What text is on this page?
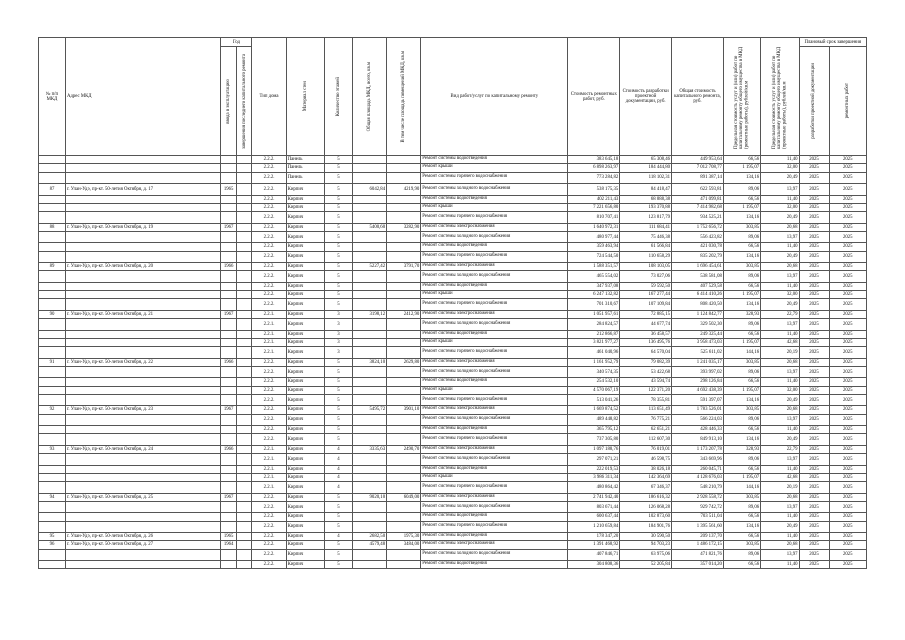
№ п/п МКД	Адрес МКД	Год		Тип дома	Материал стен	Количество этажей	Общая площадь МКД, всего, кв.м	В том числе площадь помещений МКД, кв.м	Вид работ/услуг по капитальному ремонту	Стоимость ремонтных работ, руб.	Стоимость разработки проектной документации, руб.	Общая стоимость капитального ремонта, руб.	Предельная стоимость услуг и (или) работ по капитальному ремонту общего имущества в МКД (ремонтные работы), рублей/кв.м	Предельная стоимость услуг и (или) работ по капитальному ремонту общего имущества в МКД (проектные работы), рублей/кв.м	Плановый срок завершения	

		ввода в эксплуатацию	завершения последнего капитального ремонта												разработки проектной документации	ремонтных работ

				2.2.2.	Панель	5			Ремонт системы водоотведения	383 645,18	65 308,46	449 953,64	66,56	11,40	2025	2025
				2.2.2.	Панель	5			Ремонт крыши	6 898 263,97	184 444,80	7 012 708,77	1 195,07	32,00	2025	2025
				2.2.2.	Панель	5			Ремонт системы горячего водоснабжения	773 284,82	118 102,31	891 387,14	134,16	20,49	2025	2025
87	г. Улан-Удэ, пр-кт. 50-летия Октября, д. 17	1965		2.2.2.	Кирпич	5	6042,84	4219,90	Ремонт системы холодного водоснабжения	538 175,35	84 418,47	622 593,81	89,06	13,97	2025	2025
				2.2.2.	Кирпич	5			Ремонт системы водоотведения	402 211,43	68 888,38	471 099,81	66,56	11,40	2025	2025
				2.2.2.	Кирпич	5			Ремонт крыши	7 221 656,80	193 370,88	7 414 982,68	1 195,07	32,00	2025	2025
				2.2.2.	Кирпич	5			Ремонт системы горячего водоснабжения	810 707,41	123 817,79	934 525,21	134,16	20,49	2025	2025
88	г. Улан-Удэ, пр-кт. 50-летия Октября, д. 19	1967		2.2.2.	Кирпич	5	5400,60	3282,90	Ремонт системы электроснабжения	1 640 972,31	111 684,41	1 752 656,72	303,85	20,68	2025	2025
				2.2.2.	Кирпич	5			Ремонт системы холодного водоснабжения	480 977,44	75 446,38	556 423,82	89,06	13,97	2025	2025
				2.2.2.	Кирпич	5			Ремонт системы водоотведения	359 463,94	61 566,84	421 030,78	66,56	11,40	2025	2025
				2.2.2.	Кирпич	5			Ремонт системы горячего водоснабжения	724 544,50	110 658,29	835 202,79	134,16	20,49	2025	2025
89	г. Улан-Удэ, пр-кт. 50-летия Октября, д. 20	1966		2.2.2.	Кирпич	5	5227,42	3791,70	Ремонт системы электроснабжения	1 588 351,57	108 103,05	1 696 454,61	303,85	20,68	2025	2025
				2.2.2.	Кирпич	5			Ремонт системы холодного водоснабжения	465 554,02	73 027,06	538 581,08	89,06	13,97	2025	2025
				2.2.2.	Кирпич	5			Ремонт системы водоотведения	347 937,08	59 592,50	407 529,58	66,56	11,40	2025	2025
				2.2.2.	Кирпич	5			Ремонт крыши	6 247 132,82	167 277,44	6 414 410,26	1 195,07	32,00	2025	2025
				2.2.2.	Кирпич	5			Ремонт системы горячего водоснабжения	701 310,67	107 109,84	808 420,50	134,16	20,49	2025	2025
90	г. Улан-Удэ, пр-кт. 50-летия Октября, д. 21	1967		2.2.1.	Кирпич	3	3198,12	2412,90	Ремонт системы электроснабжения	1 051 957,61	72 885,15	1 124 842,77	328,93	22,79	2025	2025
				2.2.1.	Кирпич	3			Ремонт системы холодного водоснабжения	284 824,57	44 677,74	329 502,30	89,06	13,97	2025	2025
				2.2.1.	Кирпич	3			Ремонт системы водоотведения	212 866,87	36 458,57	249 325,44	66,56	11,40	2025	2025
				2.2.1.	Кирпич	3			Ремонт крыши	3 821 977,27	136 495,76	3 958 473,03	1 195,07	42,68	2025	2025
				2.2.1.	Кирпич	3			Ремонт системы горячего водоснабжения	461 040,96	64 570,04	525 611,02	144,16	20,19	2025	2025
91	г. Улан-Удэ, пр-кт. 50-летия Октября, д. 22	1966		2.2.2.	Кирпич	5	3824,10	2629,80	Ремонт системы электроснабжения	1 161 952,79	79 082,39	1 241 035,17	303,85	20,68	2025	2025
				2.2.2.	Кирпич	5			Ремонт системы холодного водоснабжения	340 574,35	53 422,68	393 997,02	89,06	13,97	2025	2025
				2.2.2.	Кирпич	5			Ремонт системы водоотведения	254 532,10	43 594,74	298 126,84	66,56	11,40	2025	2025
				2.2.2.	Кирпич	5			Ремонт крыши	4 570 067,19	122 371,20	4 692 438,39	1 195,07	32,00	2025	2025
				2.2.2.	Кирпич	5			Ремонт системы горячего водоснабжения	513 041,26	78 355,81	591 397,07	134,16	20,49	2025	2025
92	г. Улан-Удэ, пр-кт. 50-летия Октября, д. 23	1967		2.2.2.	Кирпич	5	5495,72	3901,10	Ремонт системы электроснабжения	1 669 874,52	113 651,49	1 783 526,01	303,85	20,68	2025	2025
				2.2.2.	Кирпич	5			Ремонт системы холодного водоснабжения	489 448,82	76 775,21	566 224,03	89,06	13,97	2025	2025
				2.2.2.	Кирпич	5			Ремонт системы водоотведения	365 795,12	62 651,21	428 446,33	66,56	11,40	2025	2025
				2.2.2.	Кирпич	5			Ремонт системы горячего водоснабжения	737 305,80	112 607,30	849 913,10	134,16	20,49	2025	2025
93	г. Улан-Удэ, пр-кт. 50-летия Октября, д. 24	1966		2.2.1.	Кирпич	4	3335,63	2490,70	Ремонт системы электроснабжения	1 097 188,76	76 019,01	1 173 207,78	328,93	22,79	2025	2025
				2.2.1.	Кирпич	4			Ремонт системы холодного водоснабжения	297 071,21	46 598,75	343 669,96	89,06	13,97	2025	2025
				2.2.1.	Кирпич	4			Ремонт системы водоотведения	222 019,53	38 026,18	260 045,71	66,56	11,40	2025	2025
				2.2.1.	Кирпич	4			Ремонт крыши	3 986 311,34	142 364,69	4 128 676,03	1 195,07	42,68	2025	2025
				2.2.1.	Кирпич	4			Ремонт системы горячего водоснабжения	480 864,42	67 346,37	548 210,79	144,16	20,19	2025	2025
94	г. Улан-Удэ, пр-кт. 50-летия Октября, д. 25	1967		2.2.2.	Кирпич	5	9020,10	6049,00	Ремонт системы электроснабжения	2 741 942,40	186 616,32	2 928 558,72	303,85	20,68	2025	2025
				2.2.2.	Кирпич	5			Ремонт системы холодного водоснабжения	803 671,44	126 068,28	929 742,72	89,06	13,97	2025	2025
				2.2.2.	Кирпич	5			Ремонт системы водоотведения	600 637,44	102 873,60	703 511,04	66,56	11,40	2025	2025
				2.2.2.	Кирпич	5			Ремонт системы горячего водоснабжения	1 210 659,84	184 901,76	1 395 561,60	134,16	20,49	2025	2025
95	г. Улан-Удэ, пр-кт. 50-летия Октября, д. 26	1965		2.2.2.	Кирпич	4	2682,50	1975,30	Ремонт системы водоотведения	178 347,20	30 590,50	209 137,70	66,56	11,40	2025	2025
96	г. Улан-Удэ, пр-кт. 50-летия Октября, д. 27	1964		2.2.2.	Кирпич	5	4579,48	3484,00	Ремонт системы электроснабжения	1 391 468,92	94 703,23	1 486 172,15	303,85	20,68	2025	2025
				2.2.2.	Кирпич	5			Ремонт системы холодного водоснабжения	407 846,71	63 975,06	471 821,76	89,06	13,97	2025	2025
				2.2.2.	Кирпич	5			Ремонт системы водоотведения	304 808,36	52 205,84	357 014,20	66,56	11,40	2025	2025
